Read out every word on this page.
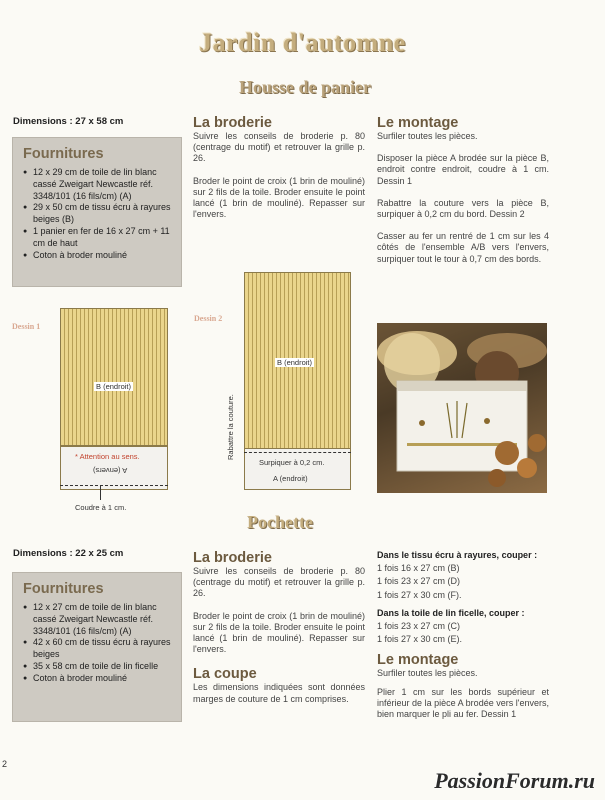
Jardin d'automne
Housse de panier
Dimensions : 27 x 58 cm
Fournitures
● 12 x 29 cm de toile de lin blanc cassé Zweigart Newcastle réf. 3348/101 (16 fils/cm) (A)
● 29 x 50 cm de tissu écru à rayures beiges (B)
● 1 panier en fer de 16 x 27 cm + 11 cm de haut
● Coton à broder mouliné
La broderie

Suivre les conseils de broderie p. 80 (centrage du motif) et retrouver la grille p. 26.

Broder le point de croix (1 brin de mouliné) sur 2 fils de la toile. Broder ensuite le point lancé (1 brin de mouliné). Repasser sur l'envers.

Le montage

Surfiler toutes les pièces.

Disposer la pièce A brodée sur la pièce B, endroit contre endroit, coudre à 1 cm. Dessin 1

Rabattre la couture vers la pièce B, surpiquer à 0,2 cm du bord. Dessin 2

Casser au fer un rentré de 1 cm sur les 4 côtés de l'ensemble A/B vers l'envers, surpiquer tout le tour à 0,7 cm des bords.

Dessin 1
B (endroit)
* Attention au sens.
A (envers)
Coudre à 1 cm.
Dessin 2
B (endroit)
Surpiquer à 0,2 cm.
A (endroit)
Rabattre la couture.
Pochette
Dimensions : 22 x 25 cm
Fournitures
● 12 x 27 cm de toile de lin blanc cassé Zweigart Newcastle réf. 3348/101 (16 fils/cm) (A)
● 42 x 60 cm de tissu écru à rayures beiges
● 35 x 58 cm de toile de lin ficelle
● Coton à broder mouliné
La broderie

Suivre les conseils de broderie p. 80 (centrage du motif) et retrouver la grille p. 26.

Broder le point de croix (1 brin de mouliné) sur 2 fils de la toile. Broder ensuite le point lancé (1 brin de mouliné). Repasser sur l'envers.

La coupe

Les dimensions indiquées sont données marges de couture de 1 cm comprises.

Dans le tissu écru à rayures, couper :

1 fois 16 x 27 cm (B)

1 fois 23 x 27 cm (D)

1 fois 27 x 30 cm (F).

Dans la toile de lin ficelle, couper :

1 fois 23 x 27 cm (C)

1 fois 27 x 30 cm (E).

Le montage

Surfiler toutes les pièces.

Plier 1 cm sur les bords supérieur et inférieur de la pièce A brodée vers l'envers, bien marquer le pli au fer. Dessin 1

2
PassionForum.ru
